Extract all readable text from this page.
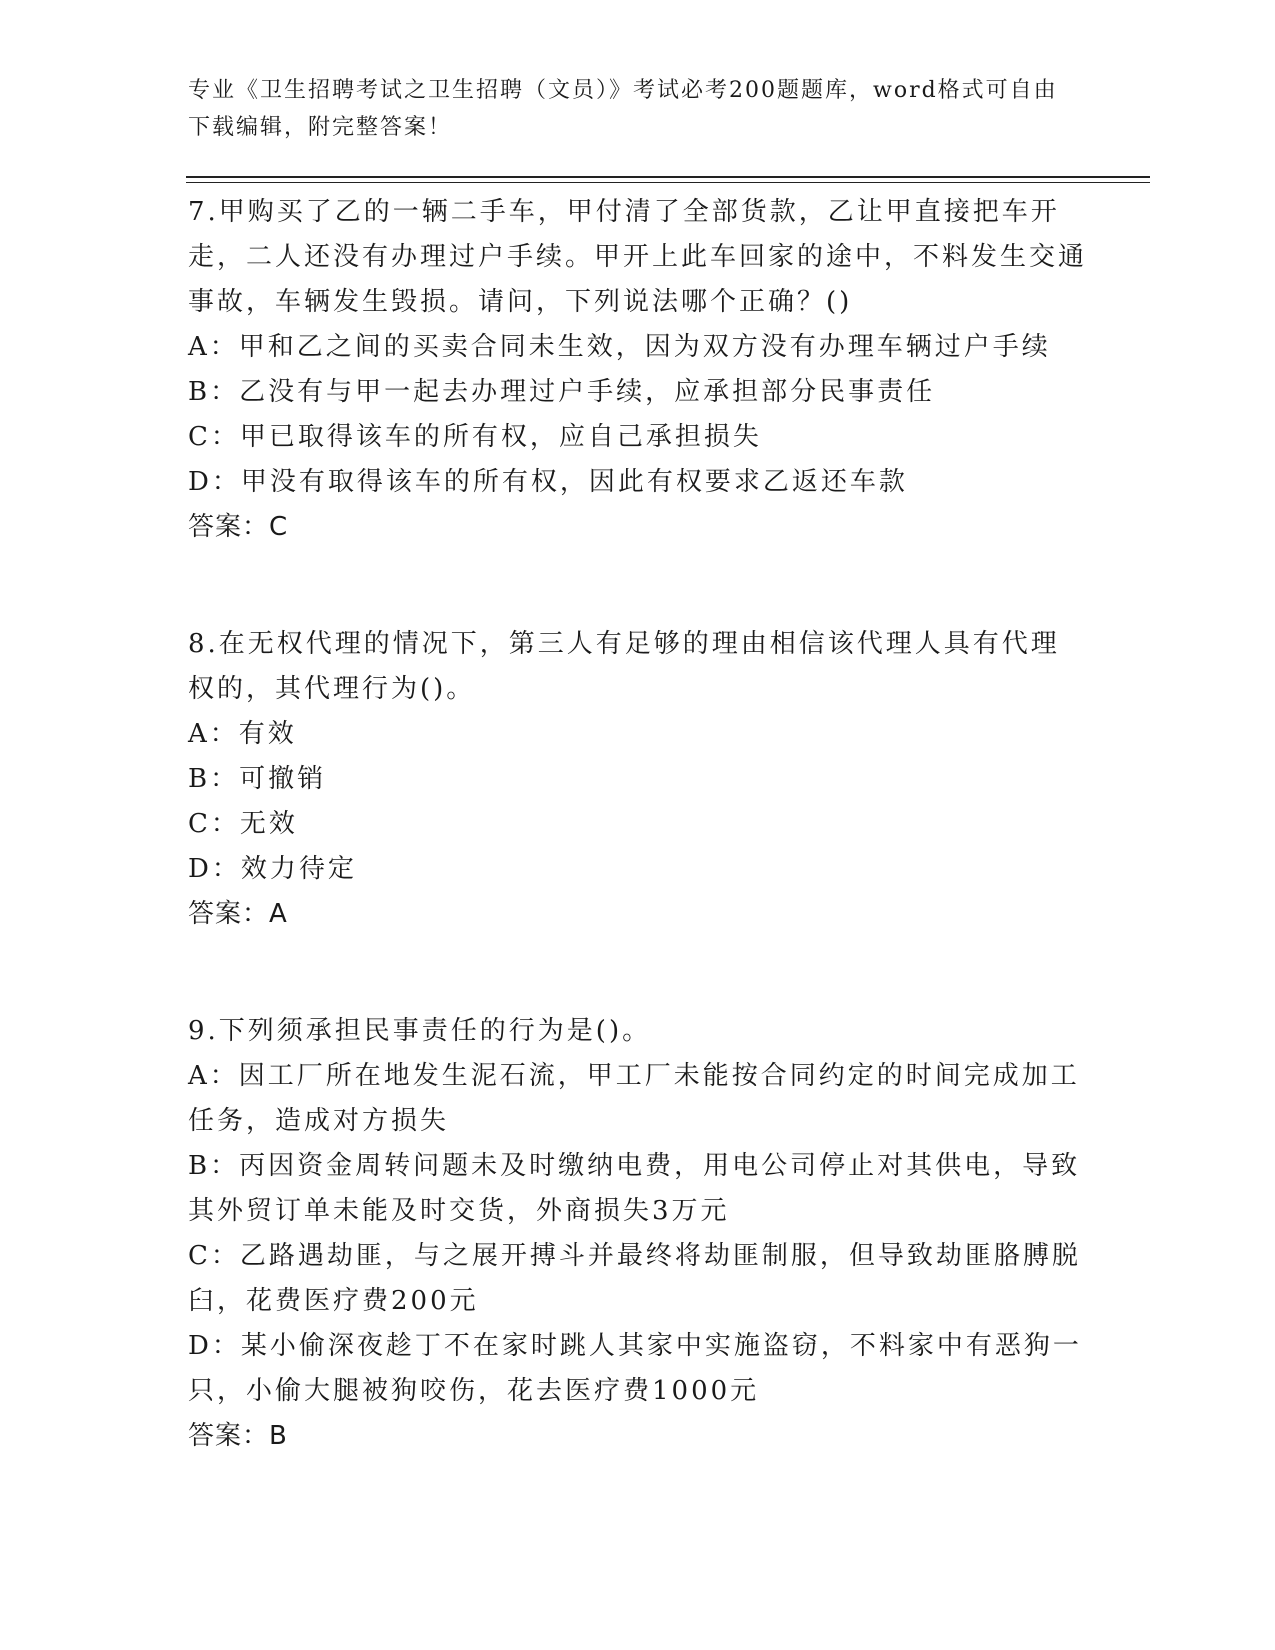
专业《卫生招聘考试之卫生招聘（文员）》考试必考200题题库，word格式可自由下载编辑，附完整答案！
7.甲购买了乙的一辆二手车，甲付清了全部货款，乙让甲直接把车开走，二人还没有办理过户手续。甲开上此车回家的途中，不料发生交通事故，车辆发生毁损。请问，下列说法哪个正确？()
A：甲和乙之间的买卖合同未生效，因为双方没有办理车辆过户手续
B：乙没有与甲一起去办理过户手续，应承担部分民事责任
C：甲已取得该车的所有权，应自己承担损失
D：甲没有取得该车的所有权，因此有权要求乙返还车款
答案：C
8.在无权代理的情况下，第三人有足够的理由相信该代理人具有代理权的，其代理行为()。
A：有效
B：可撤销
C：无效
D：效力待定
答案：A
9.下列须承担民事责任的行为是()。
A：因工厂所在地发生泥石流，甲工厂未能按合同约定的时间完成加工任务，造成对方损失
B：丙因资金周转问题未及时缴纳电费，用电公司停止对其供电，导致其外贸订单未能及时交货，外商损失3万元
C：乙路遇劫匪，与之展开搏斗并最终将劫匪制服，但导致劫匪胳膊脱臼，花费医疗费200元
D：某小偷深夜趁丁不在家时跳人其家中实施盗窃，不料家中有恶狗一只，小偷大腿被狗咬伤，花去医疗费1000元
答案：B
